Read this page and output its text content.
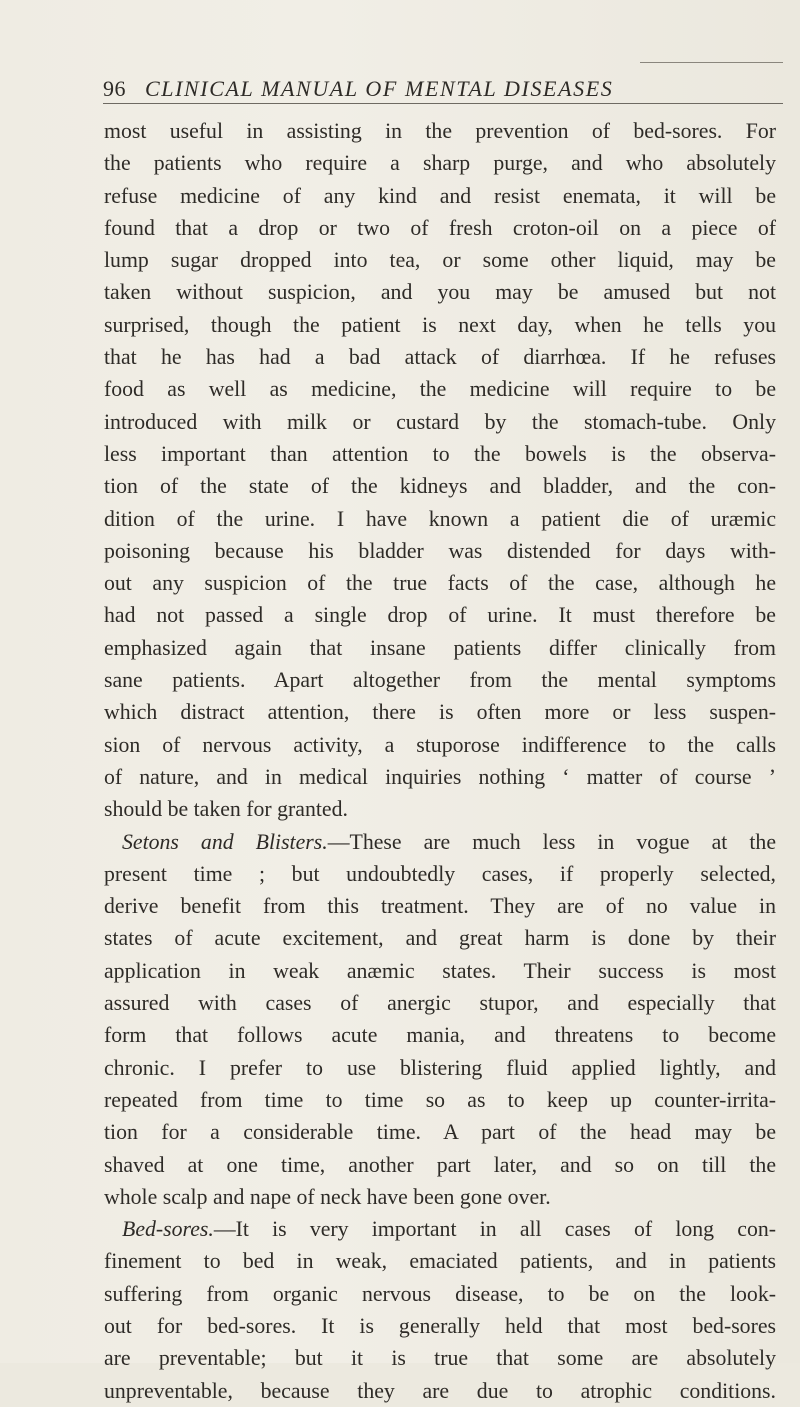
96 CLINICAL MANUAL OF MENTAL DISEASES
most useful in assisting in the prevention of bed-sores. For
the patients who require a sharp purge, and who absolutely
refuse medicine of any kind and resist enemata, it will be
found that a drop or two of fresh croton-oil on a piece of
lump sugar dropped into tea, or some other liquid, may be
taken without suspicion, and you may be amused but not
surprised, though the patient is next day, when he tells you
that he has had a bad attack of diarrhœa. If he refuses
food as well as medicine, the medicine will require to be
introduced with milk or custard by the stomach-tube. Only
less important than attention to the bowels is the observa-
tion of the state of the kidneys and bladder, and the con-
dition of the urine. I have known a patient die of uræmic
poisoning because his bladder was distended for days with-
out any suspicion of the true facts of the case, although he
had not passed a single drop of urine. It must therefore be
emphasized again that insane patients differ clinically from
sane patients. Apart altogether from the mental symptoms
which distract attention, there is often more or less suspen-
sion of nervous activity, a stuporose indifference to the calls
of nature, and in medical inquiries nothing ‘ matter of course ’
should be taken for granted.
Setons and Blisters.—These are much less in vogue at the
present time ; but undoubtedly cases, if properly selected,
derive benefit from this treatment. They are of no value in
states of acute excitement, and great harm is done by their
application in weak anæmic states. Their success is most
assured with cases of anergic stupor, and especially that
form that follows acute mania, and threatens to become
chronic. I prefer to use blistering fluid applied lightly, and
repeated from time to time so as to keep up counter-irrita-
tion for a considerable time. A part of the head may be
shaved at one time, another part later, and so on till the
whole scalp and nape of neck have been gone over.
Bed-sores.—It is very important in all cases of long con-
finement to bed in weak, emaciated patients, and in patients
suffering from organic nervous disease, to be on the look-
out for bed-sores. It is generally held that most bed-sores
are preventable; but it is true that some are absolutely
unpreventable, because they are due to atrophic conditions.
